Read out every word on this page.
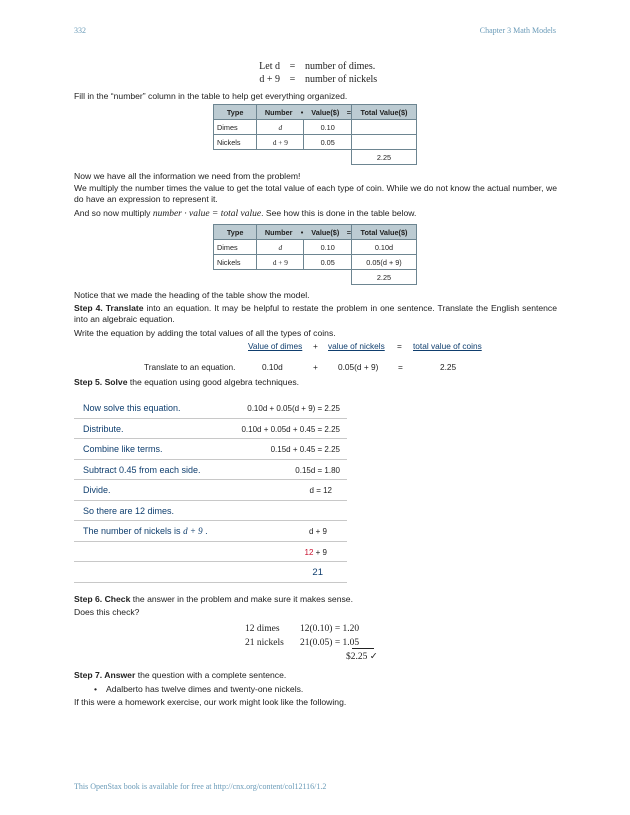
332	Chapter 3 Math Models
Let d = number of dimes.
d + 9 = number of nickels
Fill in the “number” column in the table to help get everything organized.
Type	Number	•	Value($)	=	Total Value($)
Dimes	d		0.10		
Nickels	d + 9		0.05		
					2.25
Now we have all the information we need from the problem!
We multiply the number times the value to get the total value of each type of coin. While we do not know the actual number, we do have an expression to represent it.
And so now multiply number · value = total value. See how this is done in the table below.
Type	Number	•	Value($)	=	Total Value($)
Dimes	d		0.10		0.10d
Nickels	d + 9		0.05		0.05(d + 9)
					2.25
Notice that we made the heading of the table show the model.
Step 4. Translate into an equation. It may be helpful to restate the problem in one sentence. Translate the English sentence into an algebraic equation.
Write the equation by adding the total values of all the types of coins.
Value of dimes + value of nickels = total value of coins
Translate to an equation.	0.10d	+ 0.05(d + 9) =	2.25
Step 5. Solve the equation using good algebra techniques.
Now solve this equation.	0.10d + 0.05(d + 9) = 2.25
Distribute.	0.10d + 0.05d + 0.45 = 2.25
Combine like terms.	0.15d + 0.45 = 2.25
Subtract 0.45 from each side.	0.15d = 1.80
Divide.	d = 12
So there are 12 dimes.
The number of nickels is d + 9 .	d + 9
12 + 9
21
Step 6. Check the answer in the problem and make sure it makes sense.
Does this check?
12 dimes 12(0.10) = 1.20
21 nickels 21(0.05) = 1.05
$2.25 ✓
Step 7. Answer the question with a complete sentence.
• Adalberto has twelve dimes and twenty-one nickels.
If this were a homework exercise, our work might look like the following.
This OpenStax book is available for free at http://cnx.org/content/col12116/1.2
